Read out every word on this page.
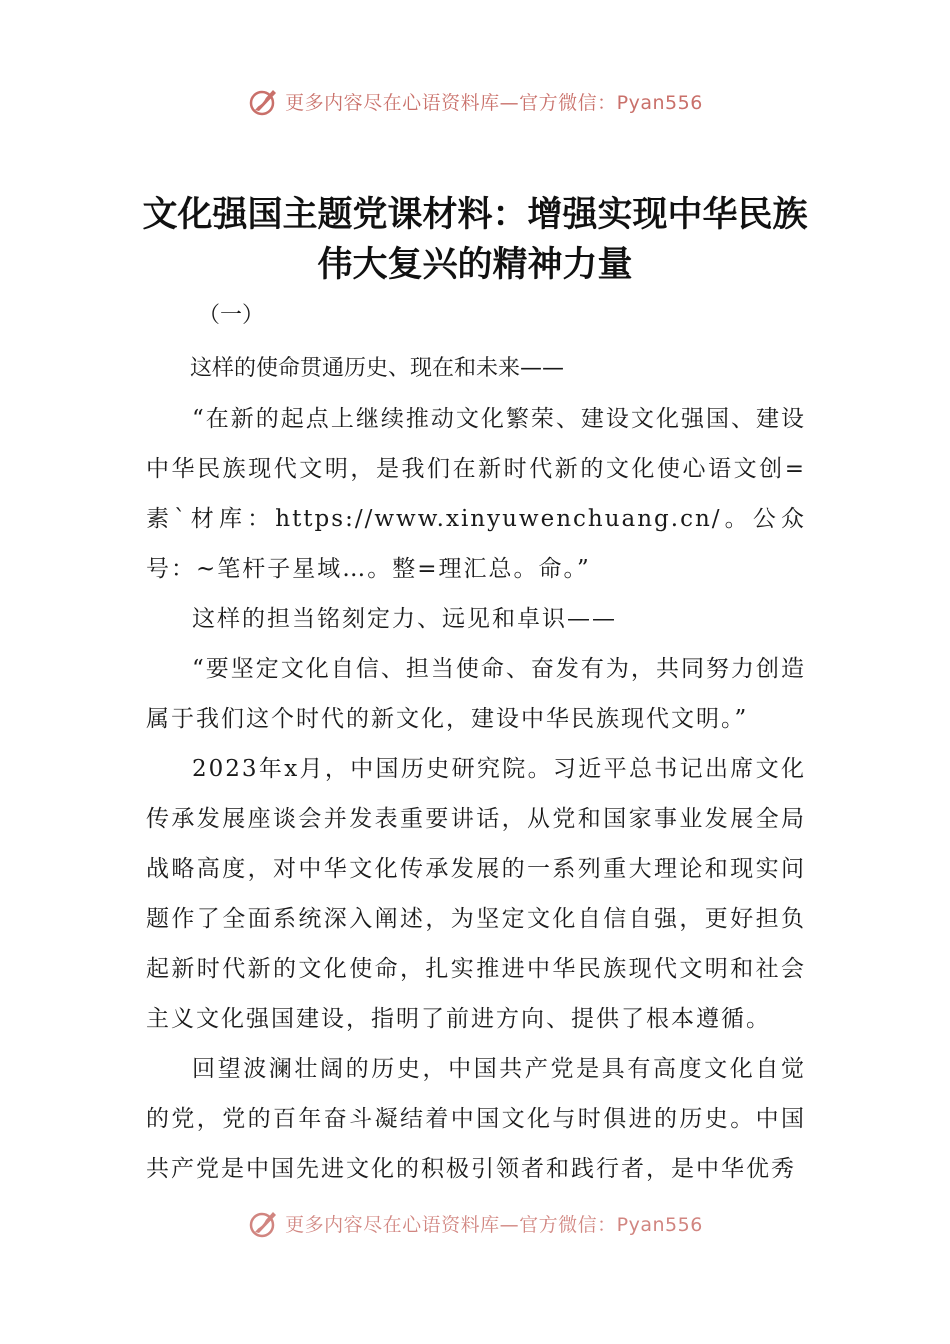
更多内容尽在心语资料库—官方微信：Pyan556
文化强国主题党课材料：增强实现中华民族伟大复兴的精神力量
（一）

这样的使命贯通历史、现在和未来——

“在新的起点上继续推动文化繁荣、建设文化强国、建设中华民族现代文明，是我们在新时代新的文化使心语文创=素`材库：https://www.xinyuwenchuang.cn/。公众号：~笔杆子星域…。整=理汇总。命。”

这样的担当铭刻定力、远见和卓识——

“要坚定文化自信、担当使命、奋发有为，共同努力创造属于我们这个时代的新文化，建设中华民族现代文明。”

2023年x月，中国历史研究院。习近平总书记出席文化传承发展座谈会并发表重要讲话，从党和国家事业发展全局战略高度，对中华文化传承发展的一系列重大理论和现实问题作了全面系统深入阐述，为坚定文化自信自强，更好担负起新时代新的文化使命，扎实推进中华民族现代文明和社会主义文化强国建设，指明了前进方向、提供了根本遵循。

回望波澜壮阔的历史，中国共产党是具有高度文化自觉的党，党的百年奋斗凝结着中国文化与时俱进的历史。中国共产党是中国先进文化的积极引领者和践行者，是中华优秀

更多内容尽在心语资料库—官方微信：Pyan556
